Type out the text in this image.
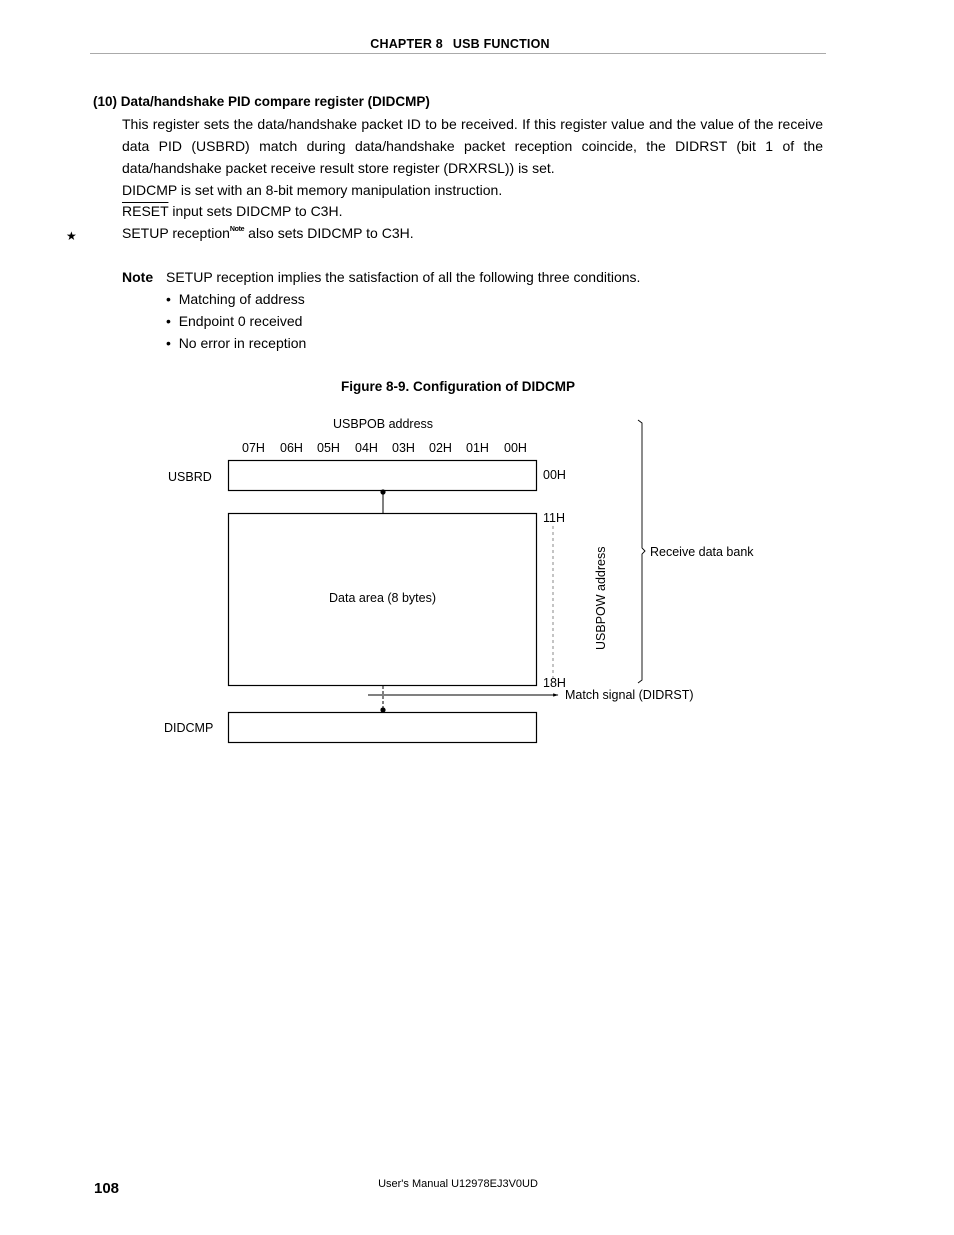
CHAPTER 8 USB FUNCTION
(10) Data/handshake PID compare register (DIDCMP)
This register sets the data/handshake packet ID to be received. If this register value and the value of the receive data PID (USBRD) match during data/handshake packet reception coincide, the DIDRST (bit 1 of the data/handshake packet receive result store register (DRXRSL)) is set.
DIDCMP is set with an 8-bit memory manipulation instruction.
RESET input sets DIDCMP to C3H.
★	SETUP reception$^{Note}$ also sets DIDCMP to C3H.
Note SETUP reception implies the satisfaction of all the following three conditions.
• Matching of address
• Endpoint 0 received
• No error in reception
Figure 8-9. Configuration of DIDCMP
USBPOB address
07H 06H 05H 04H 03H 02H 01H 00H
USBRD	00H
Data area (8 bytes)
11H
18H
USBPOW address	Receive data bank
Match signal (DIDRST)
DIDCMP
108	User's Manual U12978EJ3V0UD
